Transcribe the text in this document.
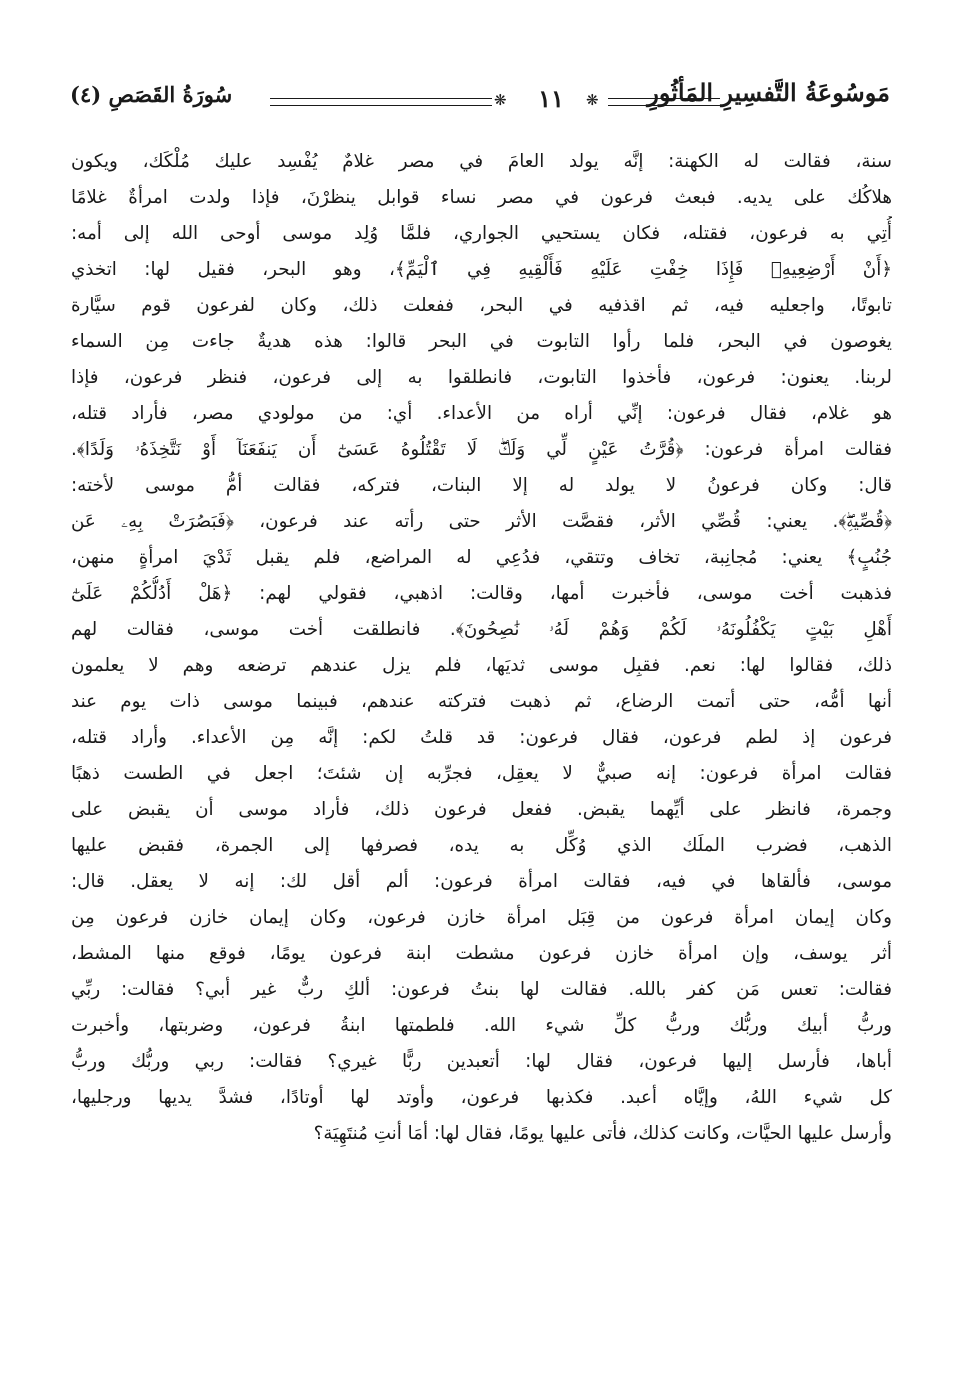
سُورَةُ القَصَصِ (٤)	❋	١١	❋ مَوسُوعَةُ التَّفسِيرِ المَأثُورِ
سنة، فقالت له الكهنة: إنَّه يولد العامَ في مصر غلامٌ يُفْسِد عليك مُلْكَك، ويكون
هلاكُك على يديه. فبعث فرعون في مصر نساء قوابل ينظرْنَ، فإذا ولدت امرأةٌ غلامًا
أُتِي به فرعون، فقتله، فكان يستحيي الجواري، فلمَّا وُلِد موسى أوحى الله إلى أمه:
﴿أَنْ أَرْضِعِيهِۖ فَإِذَا خِفْتِ عَلَيْهِ فَأَلْقِيهِ فِي ٱلْيَمِّ﴾، وهو البحر، فقيل لها: اتخذي
تابوتًا، واجعليه فيه، ثم اقذفيه في البحر، ففعلت ذلك، وكان لفرعون قوم سيَّارة
يغوصون في البحر، فلما رأوا التابوت في البحر قالوا: هذه هديةٌ جاءت مِن السماء
لربنا. يعنون: فرعون، فأخذوا التابوت، فانطلقوا به إلى فرعون، فنظر فرعون، فإذا
هو غلام، فقال فرعون: إنِّي أراه من الأعداء. أي: من مولودي مصر، فأراد قتله،
فقالت امرأة فرعون: ﴿قُرَّتُ عَيْنٍ لِّي وَلَكَۖ لَا تَقْتُلُوهُ عَسَىٰٓ أَن يَنفَعَنَآ أَوْ نَتَّخِذَهُۥ وَلَدًا﴾.
قال: وكان فرعونُ لا يولد له إلا البنات، فتركه، فقالت أمُّ موسى لأخته:
﴿قُصِّيهِۖ﴾. يعني: قُصِّي الأثر، فقصَّت الأثر حتى رأته عند فرعون، ﴿فَبَصُرَتْ بِهِۦ عَن
جُنُبٍ﴾ يعني: مُجانِبة، تخاف وتتقي، فدُعِي له المراضع، فلم يقبل ثَدْيَ امرأةٍ منهن،
فذهبت أخت موسى، فأخبرت أمها، وقالت: اذهبي، فقولي لهم: ﴿هَلْ أَدُلُّكُمْ عَلَىٰٓ
أَهْلِ بَيْتٍ يَكْفُلُونَهُۥ لَكُمْ وَهُمْ لَهُۥ نَٰصِحُونَ﴾. فانطلقت أخت موسى، فقالت لهم
ذلك، فقالوا لها: نعم. فقبِل موسى ثديَها، فلم يزل عندهم ترضعه وهم لا يعلمون
أنها أمُّه، حتى أتمت الرضاع، ثم ذهبت فتركته عندهم، فبينما موسى ذات يوم عند
فرعون إذ لطم فرعون، فقال فرعون: قد قلتُ لكم: إنَّه مِن الأعداء. وأراد قتله،
فقالت امرأة فرعون: إنه صبيٌّ لا يعقِل، فجرِّبه إن شئتَ؛ اجعل في الطست ذهبًا
وجمرة، فانظر على أيِّهما يقبض. ففعل فرعون ذلك، فأراد موسى أن يقبض على
الذهب، فضرب الملَك الذي وُكِّل به يده، فصرفها إلى الجمرة، فقبض عليها
موسى، فألقاها في فيه، فقالت امرأة فرعون: ألم أقل لك: إنه لا يعقل. قال:
وكان إيمان امرأة فرعون من قِبَل امرأة خازن فرعون، وكان إيمان خازن فرعون مِن
أثر يوسف، وإن امرأة خازن فرعون مشطت ابنة فرعون يومًا، فوقع منها المشط،
فقالت: تعس مَن كفر بالله. فقالت لها بنتُ فرعون: ألكِ ربٌّ غير أبي؟ فقالت: ربِّي
وربُّ أبيك وربُّك وربُّ كلِّ شيء الله. فلطمتها ابنةُ فرعون، وضربتها، وأخبرت
أباها، فأرسل إليها فرعون، فقال لها: أتعبدين ربًّا غيري؟ فقالت: ربي وربُّك وربُّ
كل شيء اللهُ، وإيَّاه أعبد. فكذبها فرعون، وأوتد لها أوتادًا، فشدَّ يديها ورجليها،
وأرسل عليها الحيَّات، وكانت كذلك، فأتى عليها يومًا، فقال لها: أمَا أنتِ مُنتَهِيَة؟
